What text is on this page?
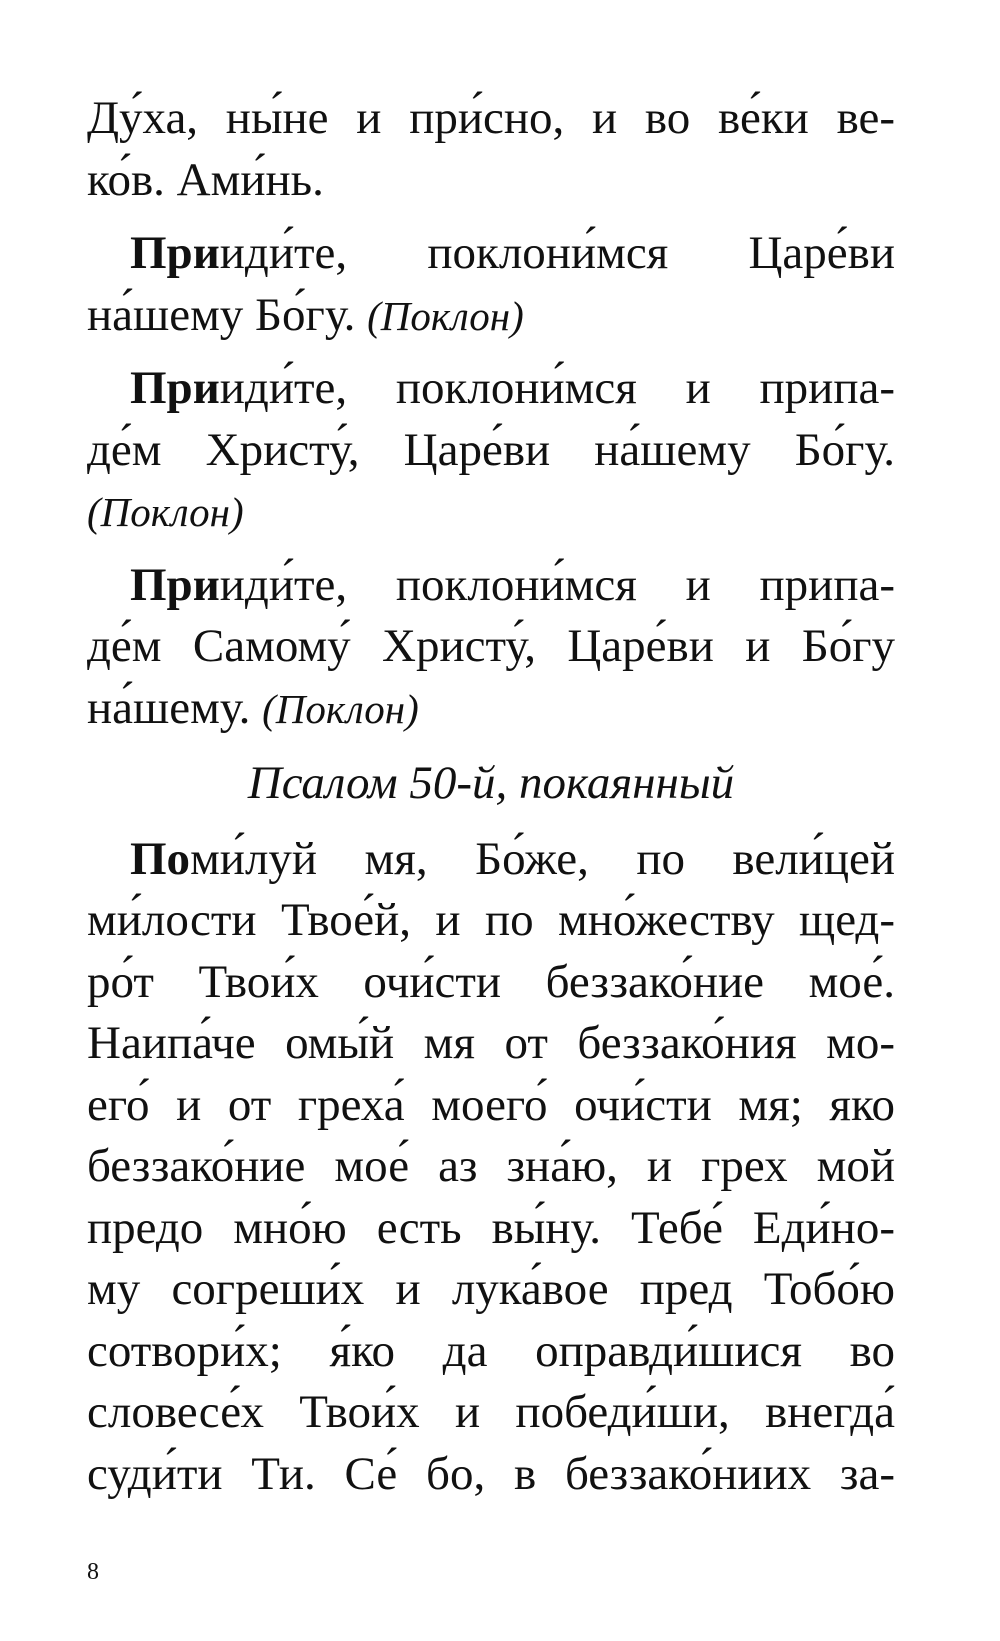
Ду́ха, ны́не и при́сно, и во ве́ки ве-
ко́в. Ами́нь.
Прииди́те, поклони́мся Царе́ви
на́шему Бо́гу. (Поклон)
Прииди́те, поклони́мся и припа-
де́м Христу́, Царе́ви на́шему Бо́гу.
(Поклон)
Прииди́те, поклони́мся и припа-
де́м Самому́ Христу́, Царе́ви и Бо́гу
на́шему. (Поклон)
Псалом 50-й, покаянный
Поми́луй мя, Бо́же, по вели́цей
ми́лости Твое́й, и по мно́жеству щед-
ро́т Твои́х очи́сти беззако́ние мое́.
Наипа́че омы́й мя от беззако́ния мо-
его́ и от греха́ моего́ очи́сти мя; яко
беззако́ние мое́ аз зна́ю, и грех мой
предо мно́ю есть вы́ну. Тебе́ Еди́но-
му согреши́х и лука́вое пред Тобо́ю
сотвори́х; я́ко да оправди́шися во
словесе́х Твои́х и победи́ши, внегда́
суди́ти Ти. Се́ бо, в беззако́ниих за-
8
